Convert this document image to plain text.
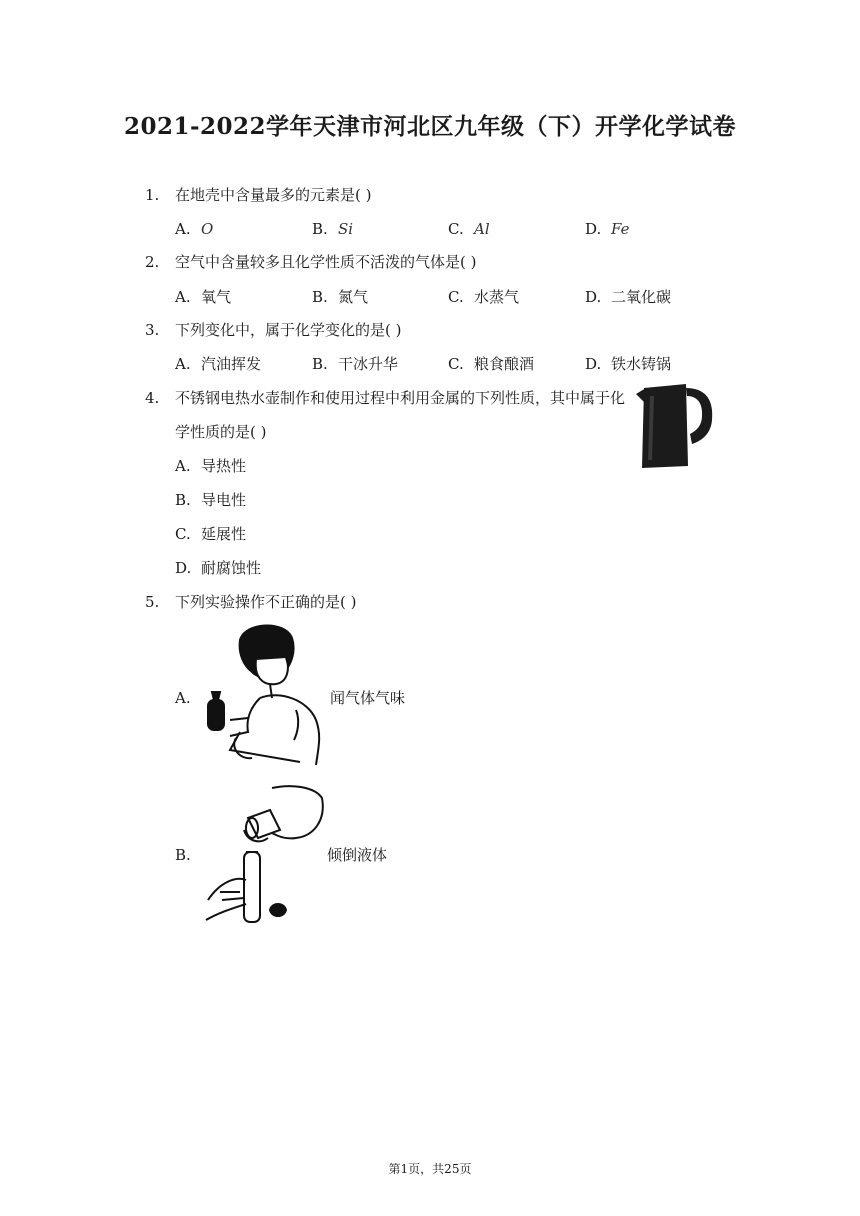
2021-2022学年天津市河北区九年级（下）开学化学试卷
1.	在地壳中含量最多的元素是( )
A. O	B. Si	C. Al	D. Fe
2.	空气中含量较多且化学性质不活泼的气体是( )
A. 氧气	B. 氮气	C. 水蒸气	D. 二氧化碳
3.	下列变化中，属于化学变化的是( )
A. 汽油挥发	B. 干冰升华	C. 粮食酿酒	D. 铁水铸锅
4.	不锈钢电热水壶制作和使用过程中利用金属的下列性质，其中属于化
学性质的是( )
A. 导热性
B. 导电性
C. 延展性
D. 耐腐蚀性
5.	下列实验操作不正确的是( )
A.	闻气体气味
B.	倾倒液体
第1页，共25页
